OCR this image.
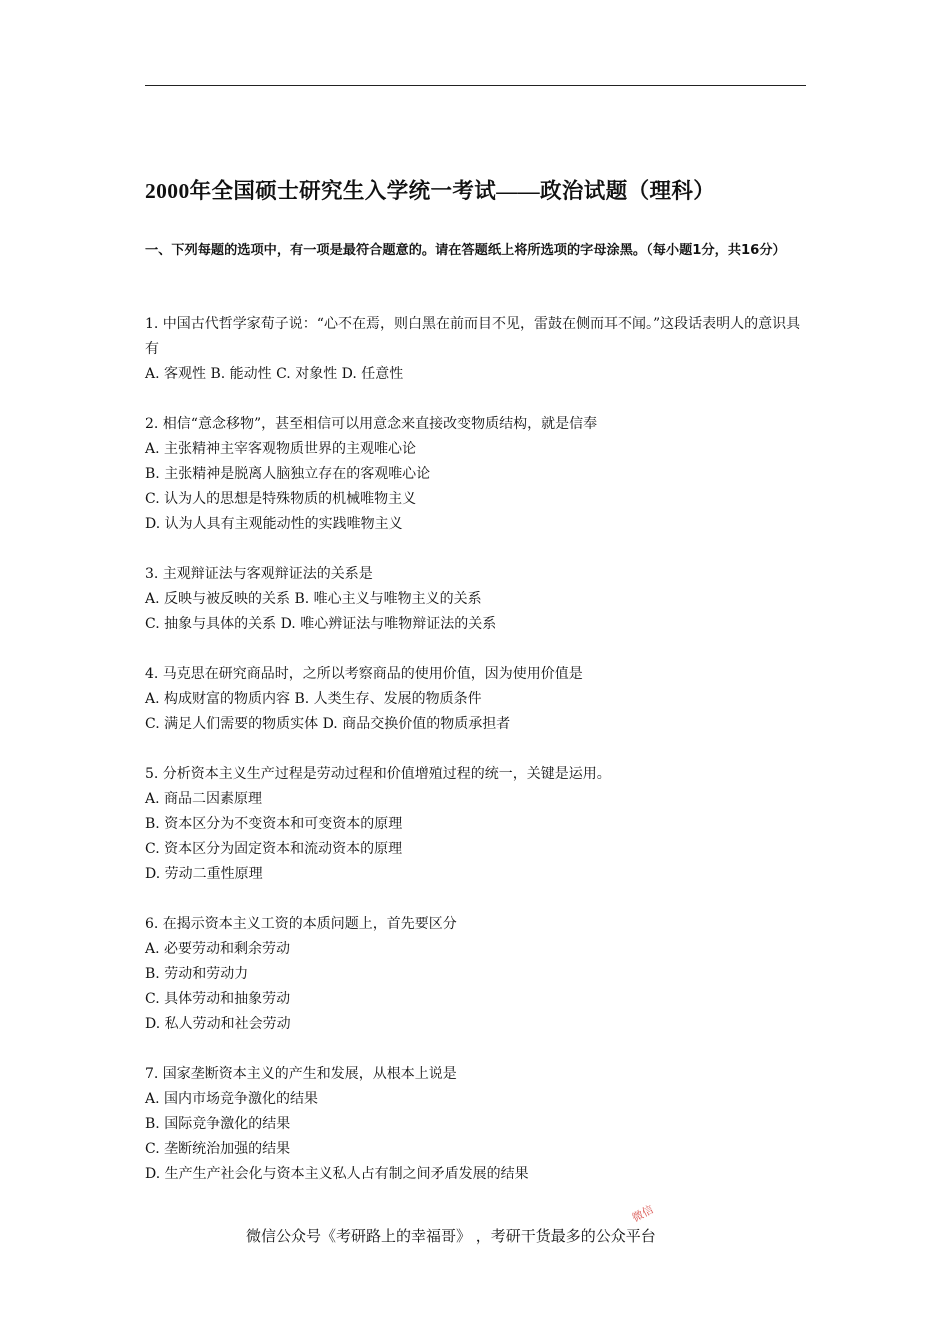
2000年全国硕士研究生入学统一考试——政治试题（理科）

一、下列每题的选项中，有一项是最符合题意的。请在答题纸上将所选项的字母涂黑。（每小题1分，共16分）

1. 中国古代哲学家荀子说：“心不在焉，则白黑在前而目不见，雷鼓在侧而耳不闻。”这段话表明人的意识具有
A. 客观性 B. 能动性 C. 对象性 D. 任意性
2. 相信“意念移物”，甚至相信可以用意念来直接改变物质结构，就是信奉
A. 主张精神主宰客观物质世界的主观唯心论
B. 主张精神是脱离人脑独立存在的客观唯心论
C. 认为人的思想是特殊物质的机械唯物主义
D. 认为人具有主观能动性的实践唯物主义
3. 主观辩证法与客观辩证法的关系是
A. 反映与被反映的关系 B. 唯心主义与唯物主义的关系
C. 抽象与具体的关系 D. 唯心辨证法与唯物辩证法的关系
4. 马克思在研究商品时，之所以考察商品的使用价值，因为使用价值是
A. 构成财富的物质内容 B. 人类生存、发展的物质条件
C. 满足人们需要的物质实体 D. 商品交换价值的物质承担者
5. 分析资本主义生产过程是劳动过程和价值增殖过程的统一，关键是运用。
A. 商品二因素原理
B. 资本区分为不变资本和可变资本的原理
C. 资本区分为固定资本和流动资本的原理
D. 劳动二重性原理
6. 在揭示资本主义工资的本质问题上，首先要区分
A. 必要劳动和剩余劳动
B. 劳动和劳动力
C. 具体劳动和抽象劳动
D. 私人劳动和社会劳动
7. 国家垄断资本主义的产生和发展，从根本上说是
A. 国内市场竞争激化的结果
B. 国际竞争激化的结果
C. 垄断统治加强的结果
D. 生产生产社会化与资本主义私人占有制之间矛盾发展的结果
微信

微信公众号《考研路上的幸福哥》 ，考研干货最多的公众平台
